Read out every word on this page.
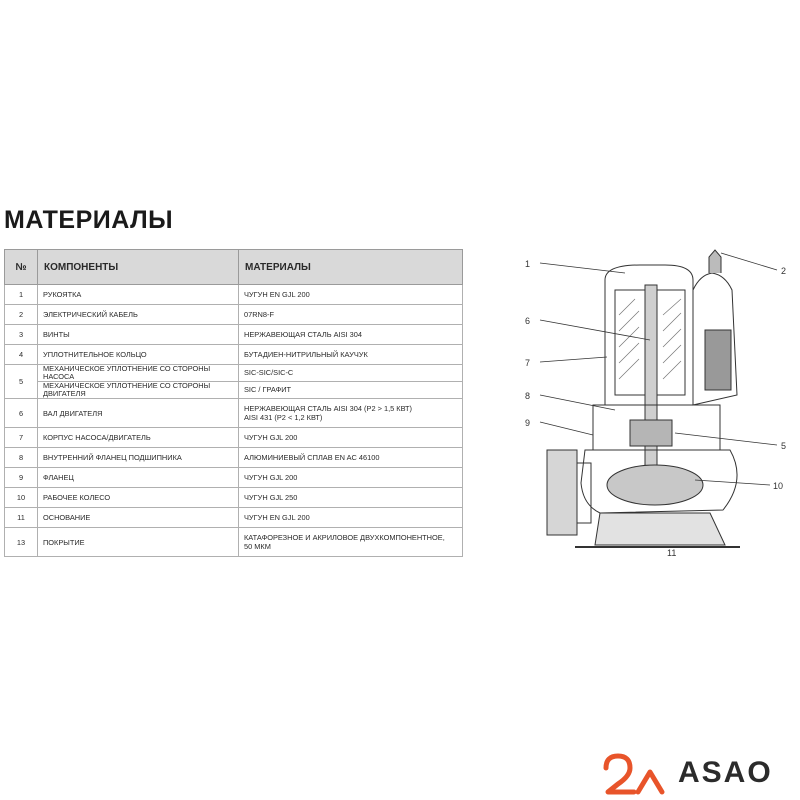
МАТЕРИАЛЫ
№	КОМПОНЕНТЫ	МАТЕРИАЛЫ
1	РУКОЯТКА	ЧУГУН EN GJL 200
2	ЭЛЕКТРИЧЕСКИЙ КАБЕЛЬ	07RN8-F
3	ВИНТЫ	НЕРЖАВЕЮЩАЯ СТАЛЬ AISI 304
4	УПЛОТНИТЕЛЬНОЕ КОЛЬЦО	БУТАДИЕН-НИТРИЛЬНЫЙ КАУЧУК
5	МЕХАНИЧЕСКОЕ УПЛОТНЕНИЕ СО СТОРОНЫ НАСОСА	SIC-SIC/SIC-C
	МЕХАНИЧЕСКОЕ УПЛОТНЕНИЕ СО СТОРОНЫ ДВИГАТЕЛЯ	SIC / ГРАФИТ
6	ВАЛ ДВИГАТЕЛЯ	НЕРЖАВЕЮЩАЯ СТАЛЬ AISI 304 (P2 > 1,5 КВТ)
AISI 431 (P2 < 1,2 КВТ)

7	КОРПУС НАСОСА/ДВИГАТЕЛЬ	ЧУГУН GJL 200
8	ВНУТРЕННИЙ ФЛАНЕЦ ПОДШИПНИКА	АЛЮМИНИЕВЫЙ СПЛАВ EN AC 46100
9	ФЛАНЕЦ	ЧУГУН GJL 200
10	РАБОЧЕЕ КОЛЕСО	ЧУГУН GJL 250
11	ОСНОВАНИЕ	ЧУГУН EN GJL 200
13	ПОКРЫТИЕ	КАТАФОРЕЗНОЕ И АКРИЛОВОЕ ДВУХКОМПОНЕНТНОЕ,
50 МКМ
1
2
5
6
7
8
9
10
11
ASAO
